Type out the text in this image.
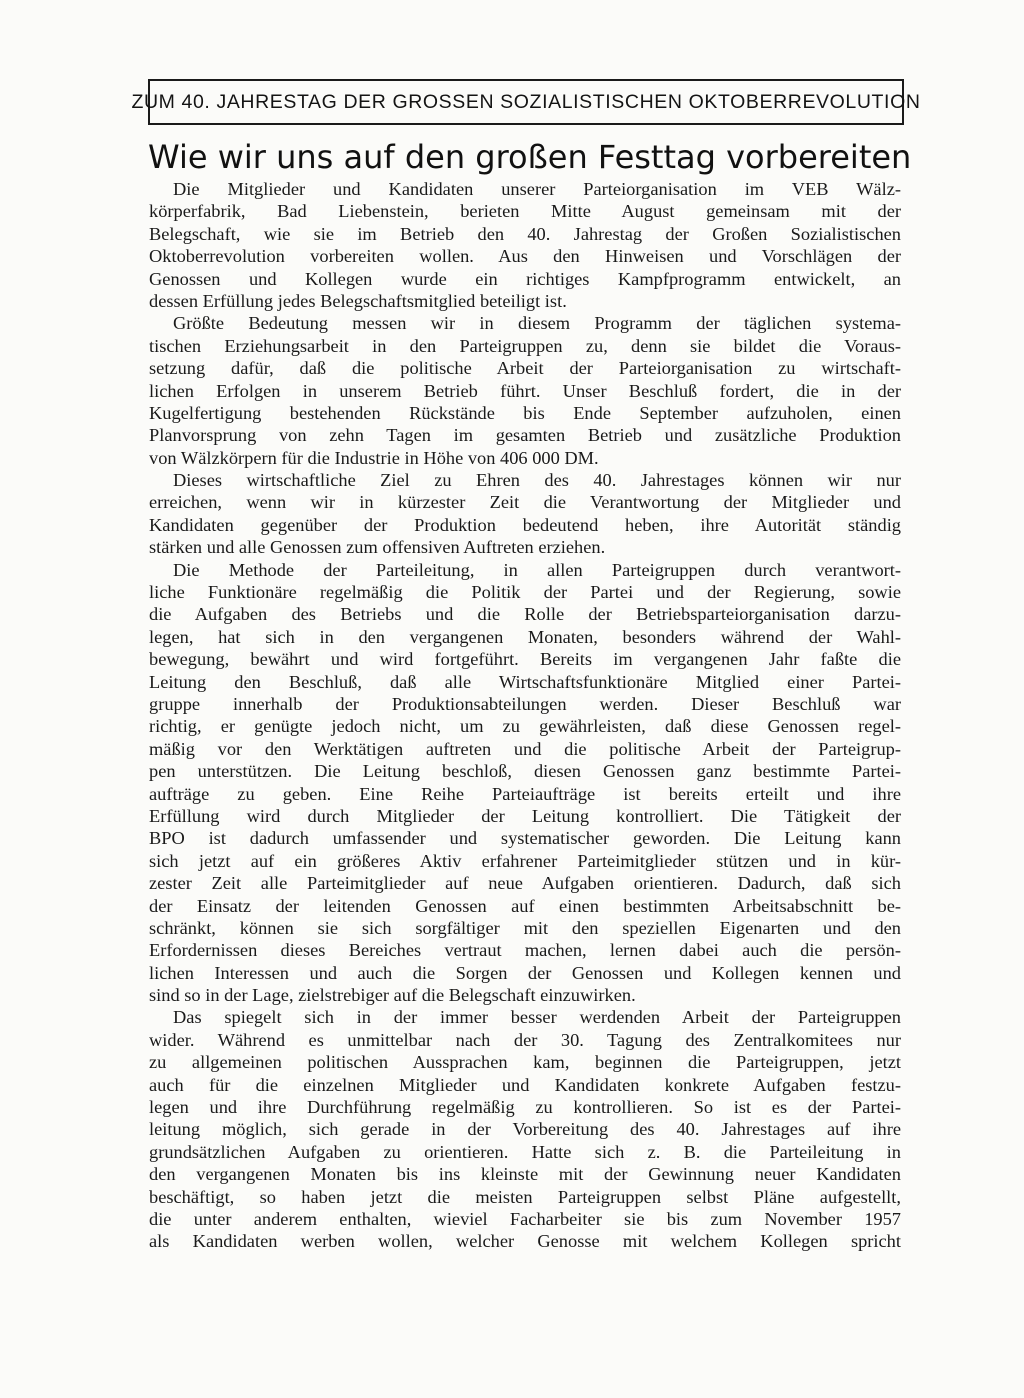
ZUM 40. JAHRESTAG DER GROSSEN SOZIALISTISCHEN OKTOBERREVOLUTION
Wie wir uns auf den großen Festtag vorbereiten
Die Mitglieder und Kandidaten unserer Parteiorganisation im VEB Wälz-
körperfabrik, Bad Liebenstein, berieten Mitte August gemeinsam mit der
Belegschaft, wie sie im Betrieb den 40. Jahrestag der Großen Sozialistischen
Oktoberrevolution vorbereiten wollen. Aus den Hinweisen und Vorschlägen der
Genossen und Kollegen wurde ein richtiges Kampfprogramm entwickelt, an
dessen Erfüllung jedes Belegschaftsmitglied beteiligt ist.
Größte Bedeutung messen wir in diesem Programm der täglichen systema-
tischen Erziehungsarbeit in den Parteigruppen zu, denn sie bildet die Voraus-
setzung dafür, daß die politische Arbeit der Parteiorganisation zu wirtschaft-
lichen Erfolgen in unserem Betrieb führt. Unser Beschluß fordert, die in der
Kugelfertigung bestehenden Rückstände bis Ende September aufzuholen, einen
Planvorsprung von zehn Tagen im gesamten Betrieb und zusätzliche Produktion
von Wälzkörpern für die Industrie in Höhe von 406 000 DM.
Dieses wirtschaftliche Ziel zu Ehren des 40. Jahrestages können wir nur
erreichen, wenn wir in kürzester Zeit die Verantwortung der Mitglieder und
Kandidaten gegenüber der Produktion bedeutend heben, ihre Autorität ständig
stärken und alle Genossen zum offensiven Auftreten erziehen.
Die Methode der Parteileitung, in allen Parteigruppen durch verantwort-
liche Funktionäre regelmäßig die Politik der Partei und der Regierung, sowie
die Aufgaben des Betriebs und die Rolle der Betriebsparteiorganisation darzu-
legen, hat sich in den vergangenen Monaten, besonders während der Wahl-
bewegung, bewährt und wird fortgeführt. Bereits im vergangenen Jahr faßte die
Leitung den Beschluß, daß alle Wirtschaftsfunktionäre Mitglied einer Partei-
gruppe innerhalb der Produktionsabteilungen werden. Dieser Beschluß war
richtig, er genügte jedoch nicht, um zu gewährleisten, daß diese Genossen regel-
mäßig vor den Werktätigen auftreten und die politische Arbeit der Parteigrup-
pen unterstützen. Die Leitung beschloß, diesen Genossen ganz bestimmte Partei-
aufträge zu geben. Eine Reihe Parteiaufträge ist bereits erteilt und ihre
Erfüllung wird durch Mitglieder der Leitung kontrolliert. Die Tätigkeit der
BPO ist dadurch umfassender und systematischer geworden. Die Leitung kann
sich jetzt auf ein größeres Aktiv erfahrener Parteimitglieder stützen und in kür-
zester Zeit alle Parteimitglieder auf neue Aufgaben orientieren. Dadurch, daß sich
der Einsatz der leitenden Genossen auf einen bestimmten Arbeitsabschnitt be-
schränkt, können sie sich sorgfältiger mit den speziellen Eigenarten und den
Erfordernissen dieses Bereiches vertraut machen, lernen dabei auch die persön-
lichen Interessen und auch die Sorgen der Genossen und Kollegen kennen und
sind so in der Lage, zielstrebiger auf die Belegschaft einzuwirken.
Das spiegelt sich in der immer besser werdenden Arbeit der Parteigruppen
wider. Während es unmittelbar nach der 30. Tagung des Zentralkomitees nur
zu allgemeinen politischen Aussprachen kam, beginnen die Parteigruppen, jetzt
auch für die einzelnen Mitglieder und Kandidaten konkrete Aufgaben festzu-
legen und ihre Durchführung regelmäßig zu kontrollieren. So ist es der Partei-
leitung möglich, sich gerade in der Vorbereitung des 40. Jahrestages auf ihre
grundsätzlichen Aufgaben zu orientieren. Hatte sich z. B. die Parteileitung in
den vergangenen Monaten bis ins kleinste mit der Gewinnung neuer Kandidaten
beschäftigt, so haben jetzt die meisten Parteigruppen selbst Pläne aufgestellt,
die unter anderem enthalten, wieviel Facharbeiter sie bis zum November 1957
als Kandidaten werben wollen, welcher Genosse mit welchem Kollegen spricht
